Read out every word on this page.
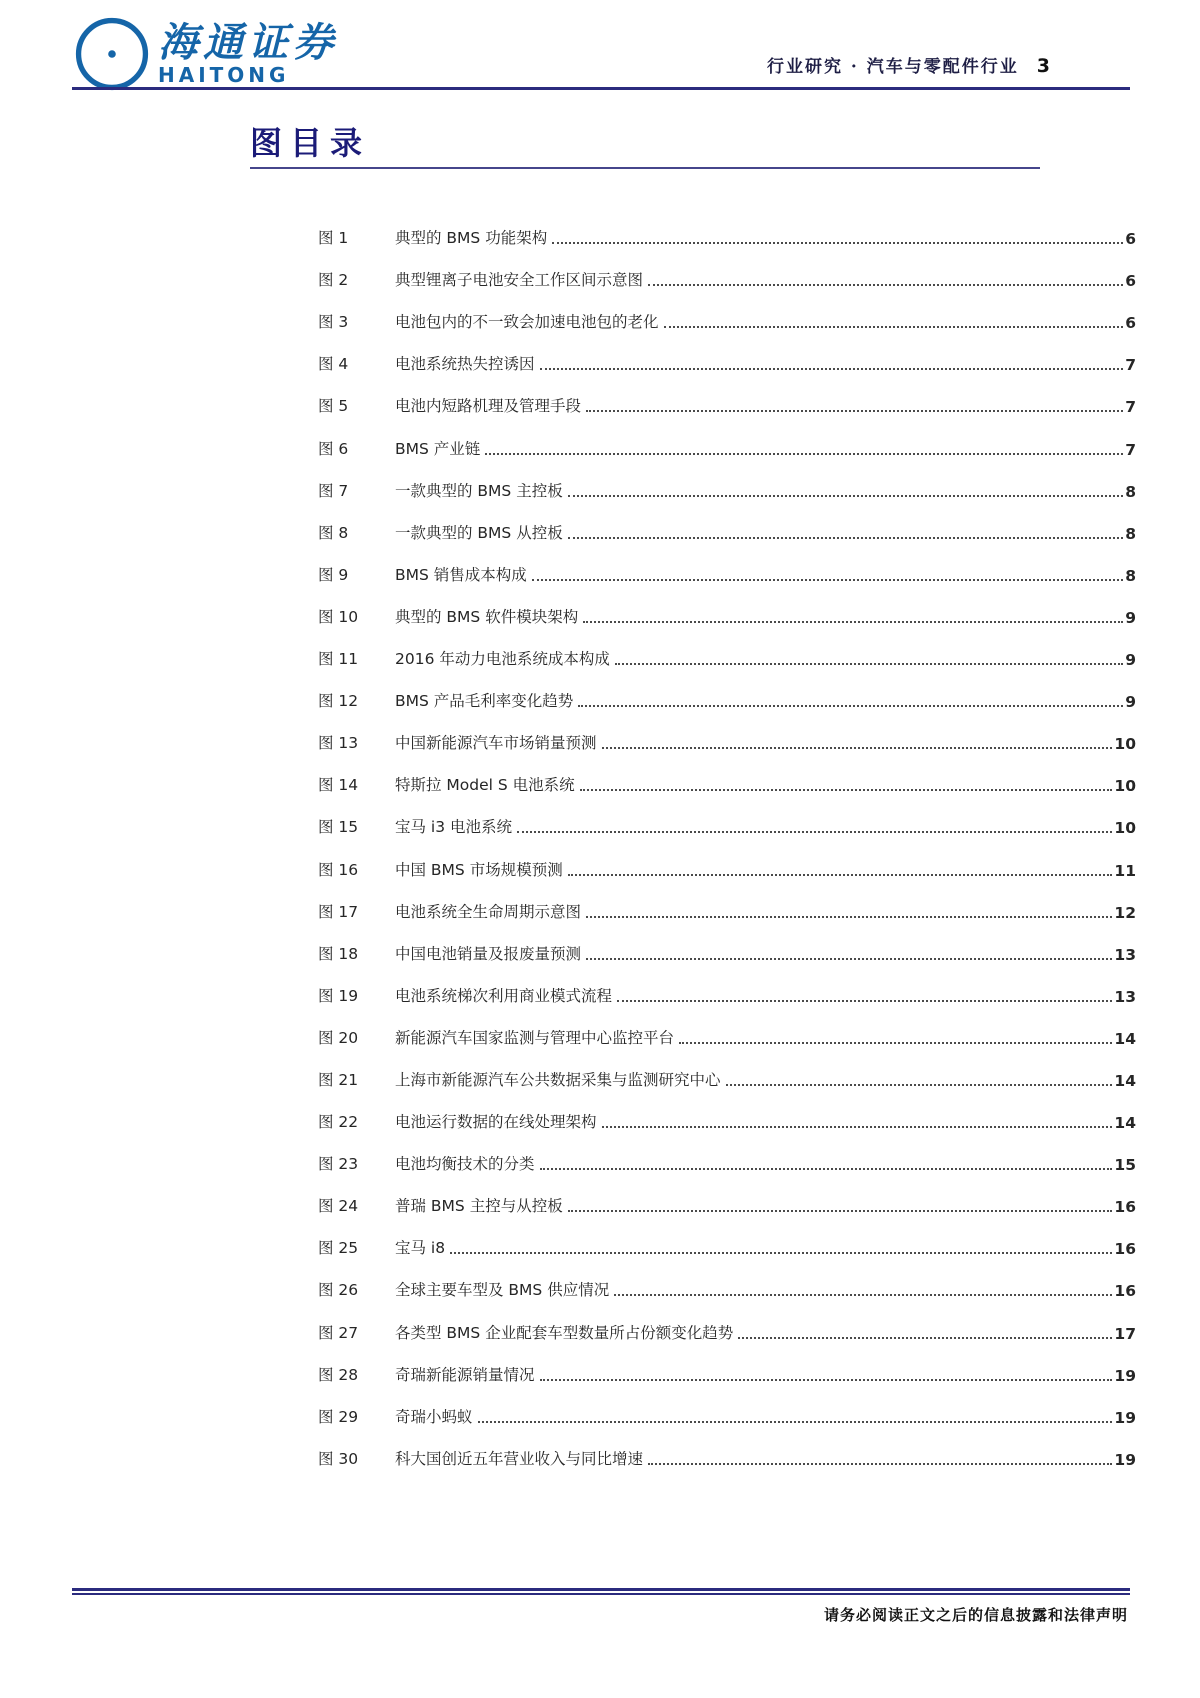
海通证券
HAITONG	行业研究 · 汽车与零配件行业 3
图目录
图 1	典型的 BMS 功能架构	6
图 2	典型锂离子电池安全工作区间示意图	6
图 3	电池包内的不一致会加速电池包的老化	6
图 4	电池系统热失控诱因	7
图 5	电池内短路机理及管理手段	7
图 6	BMS 产业链	7
图 7	一款典型的 BMS 主控板	8
图 8	一款典型的 BMS 从控板	8
图 9	BMS 销售成本构成	8
图 10	典型的 BMS 软件模块架构	9
图 11	2016 年动力电池系统成本构成	9
图 12	BMS 产品毛利率变化趋势	9
图 13	中国新能源汽车市场销量预测	10
图 14	特斯拉 Model S 电池系统	10
图 15	宝马 i3 电池系统	10
图 16	中国 BMS 市场规模预测	11
图 17	电池系统全生命周期示意图	12
图 18	中国电池销量及报废量预测	13
图 19	电池系统梯次利用商业模式流程	13
图 20	新能源汽车国家监测与管理中心监控平台	14
图 21	上海市新能源汽车公共数据采集与监测研究中心	14
图 22	电池运行数据的在线处理架构	14
图 23	电池均衡技术的分类	15
图 24	普瑞 BMS 主控与从控板	16
图 25	宝马 i8	16
图 26	全球主要车型及 BMS 供应情况	16
图 27	各类型 BMS 企业配套车型数量所占份额变化趋势	17
图 28	奇瑞新能源销量情况	19
图 29	奇瑞小蚂蚁	19
图 30	科大国创近五年营业收入与同比增速	19
请务必阅读正文之后的信息披露和法律声明
